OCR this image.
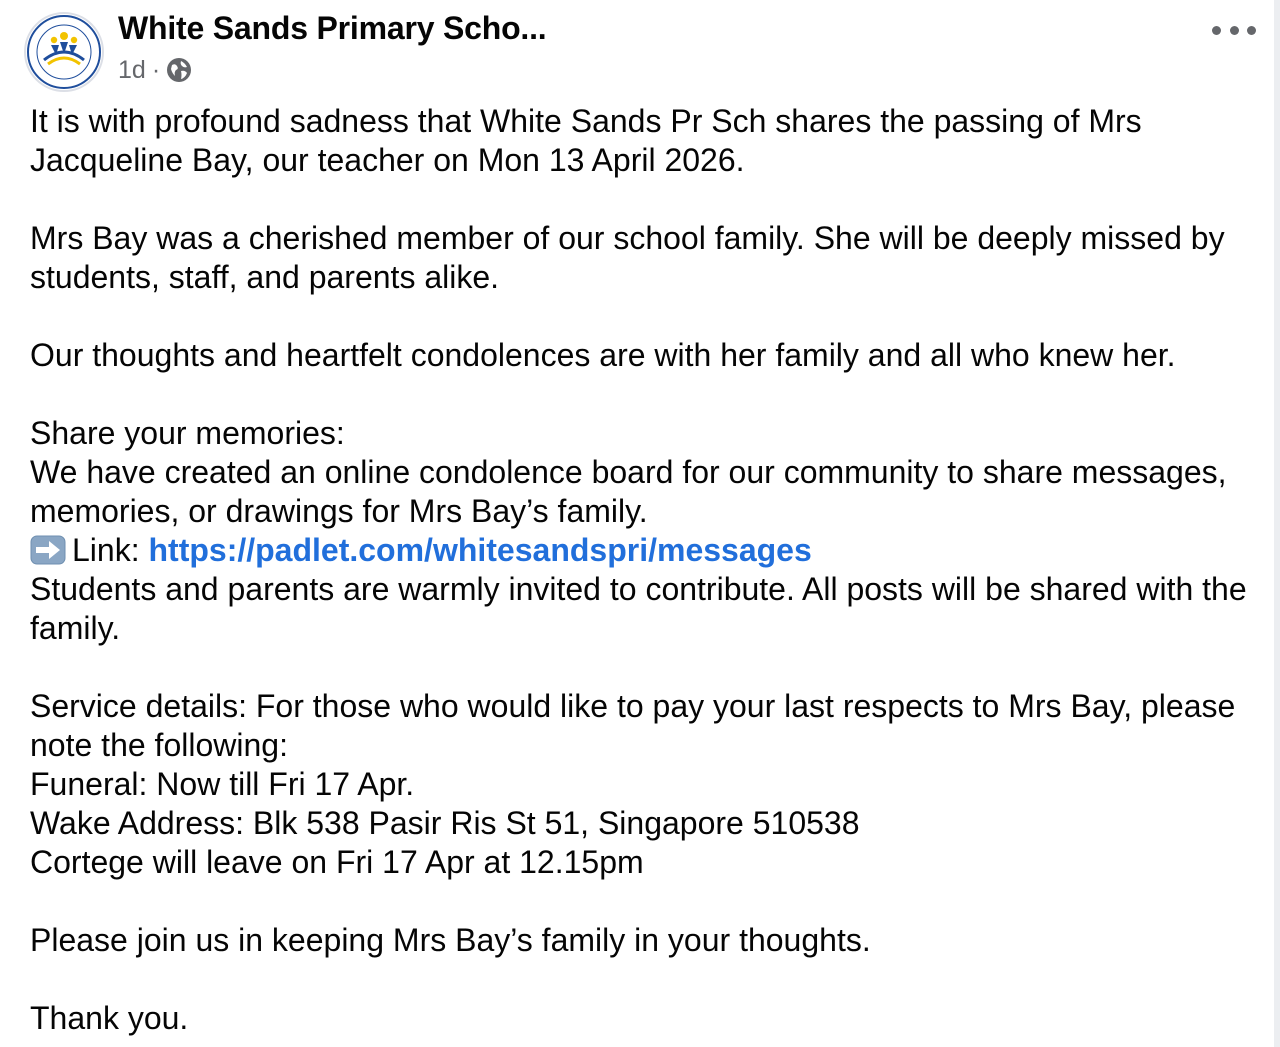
White Sands Primary Scho...
1d ·

It is with profound sadness that White Sands Pr Sch shares the passing of Mrs Jacqueline Bay, our teacher on Mon 13 April 2026.

Mrs Bay was a cherished member of our school family. She will be deeply missed by students, staff, and parents alike.

Our thoughts and heartfelt condolences are with her family and all who knew her.

Share your memories:

We have created an online condolence board for our community to share messages, memories, or drawings for Mrs Bay’s family.

Link: https://padlet.com/whitesandspri/messages

Students and parents are warmly invited to contribute. All posts will be shared with the family.

Service details: For those who would like to pay your last respects to Mrs Bay, please note the following:

Funeral: Now till Fri 17 Apr.

Wake Address: Blk 538 Pasir Ris St 51, Singapore 510538

Cortege will leave on Fri 17 Apr at 12.15pm

Please join us in keeping Mrs Bay’s family in your thoughts.

Thank you.
